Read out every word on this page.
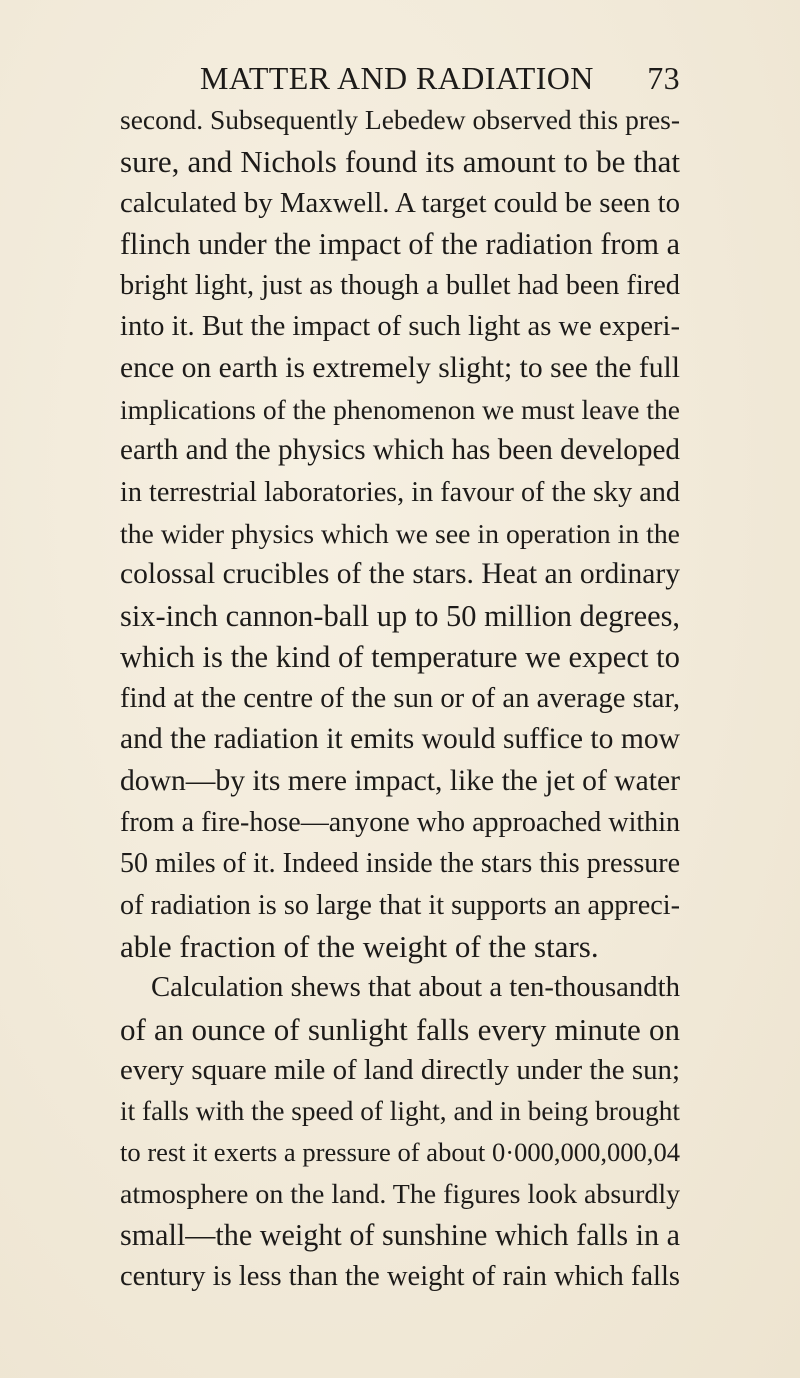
MATTER AND RADIATION 73
second. Subsequently Lebedew observed this pres-
sure, and Nichols found its amount to be that
calculated by Maxwell. A target could be seen to
flinch under the impact of the radiation from a
bright light, just as though a bullet had been fired
into it. But the impact of such light as we experi-
ence on earth is extremely slight; to see the full
implications of the phenomenon we must leave the
earth and the physics which has been developed
in terrestrial laboratories, in favour of the sky and
the wider physics which we see in operation in the
colossal crucibles of the stars. Heat an ordinary
six-inch cannon-ball up to 50 million degrees,
which is the kind of temperature we expect to
find at the centre of the sun or of an average star,
and the radiation it emits would suffice to mow
down—by its mere impact, like the jet of water
from a fire-hose—anyone who approached within
50 miles of it. Indeed inside the stars this pressure
of radiation is so large that it supports an appreci-
able fraction of the weight of the stars.
Calculation shews that about a ten-thousandth
of an ounce of sunlight falls every minute on
every square mile of land directly under the sun;
it falls with the speed of light, and in being brought
to rest it exerts a pressure of about 0·000,000,000,04
atmosphere on the land. The figures look absurdly
small—the weight of sunshine which falls in a
century is less than the weight of rain which falls
